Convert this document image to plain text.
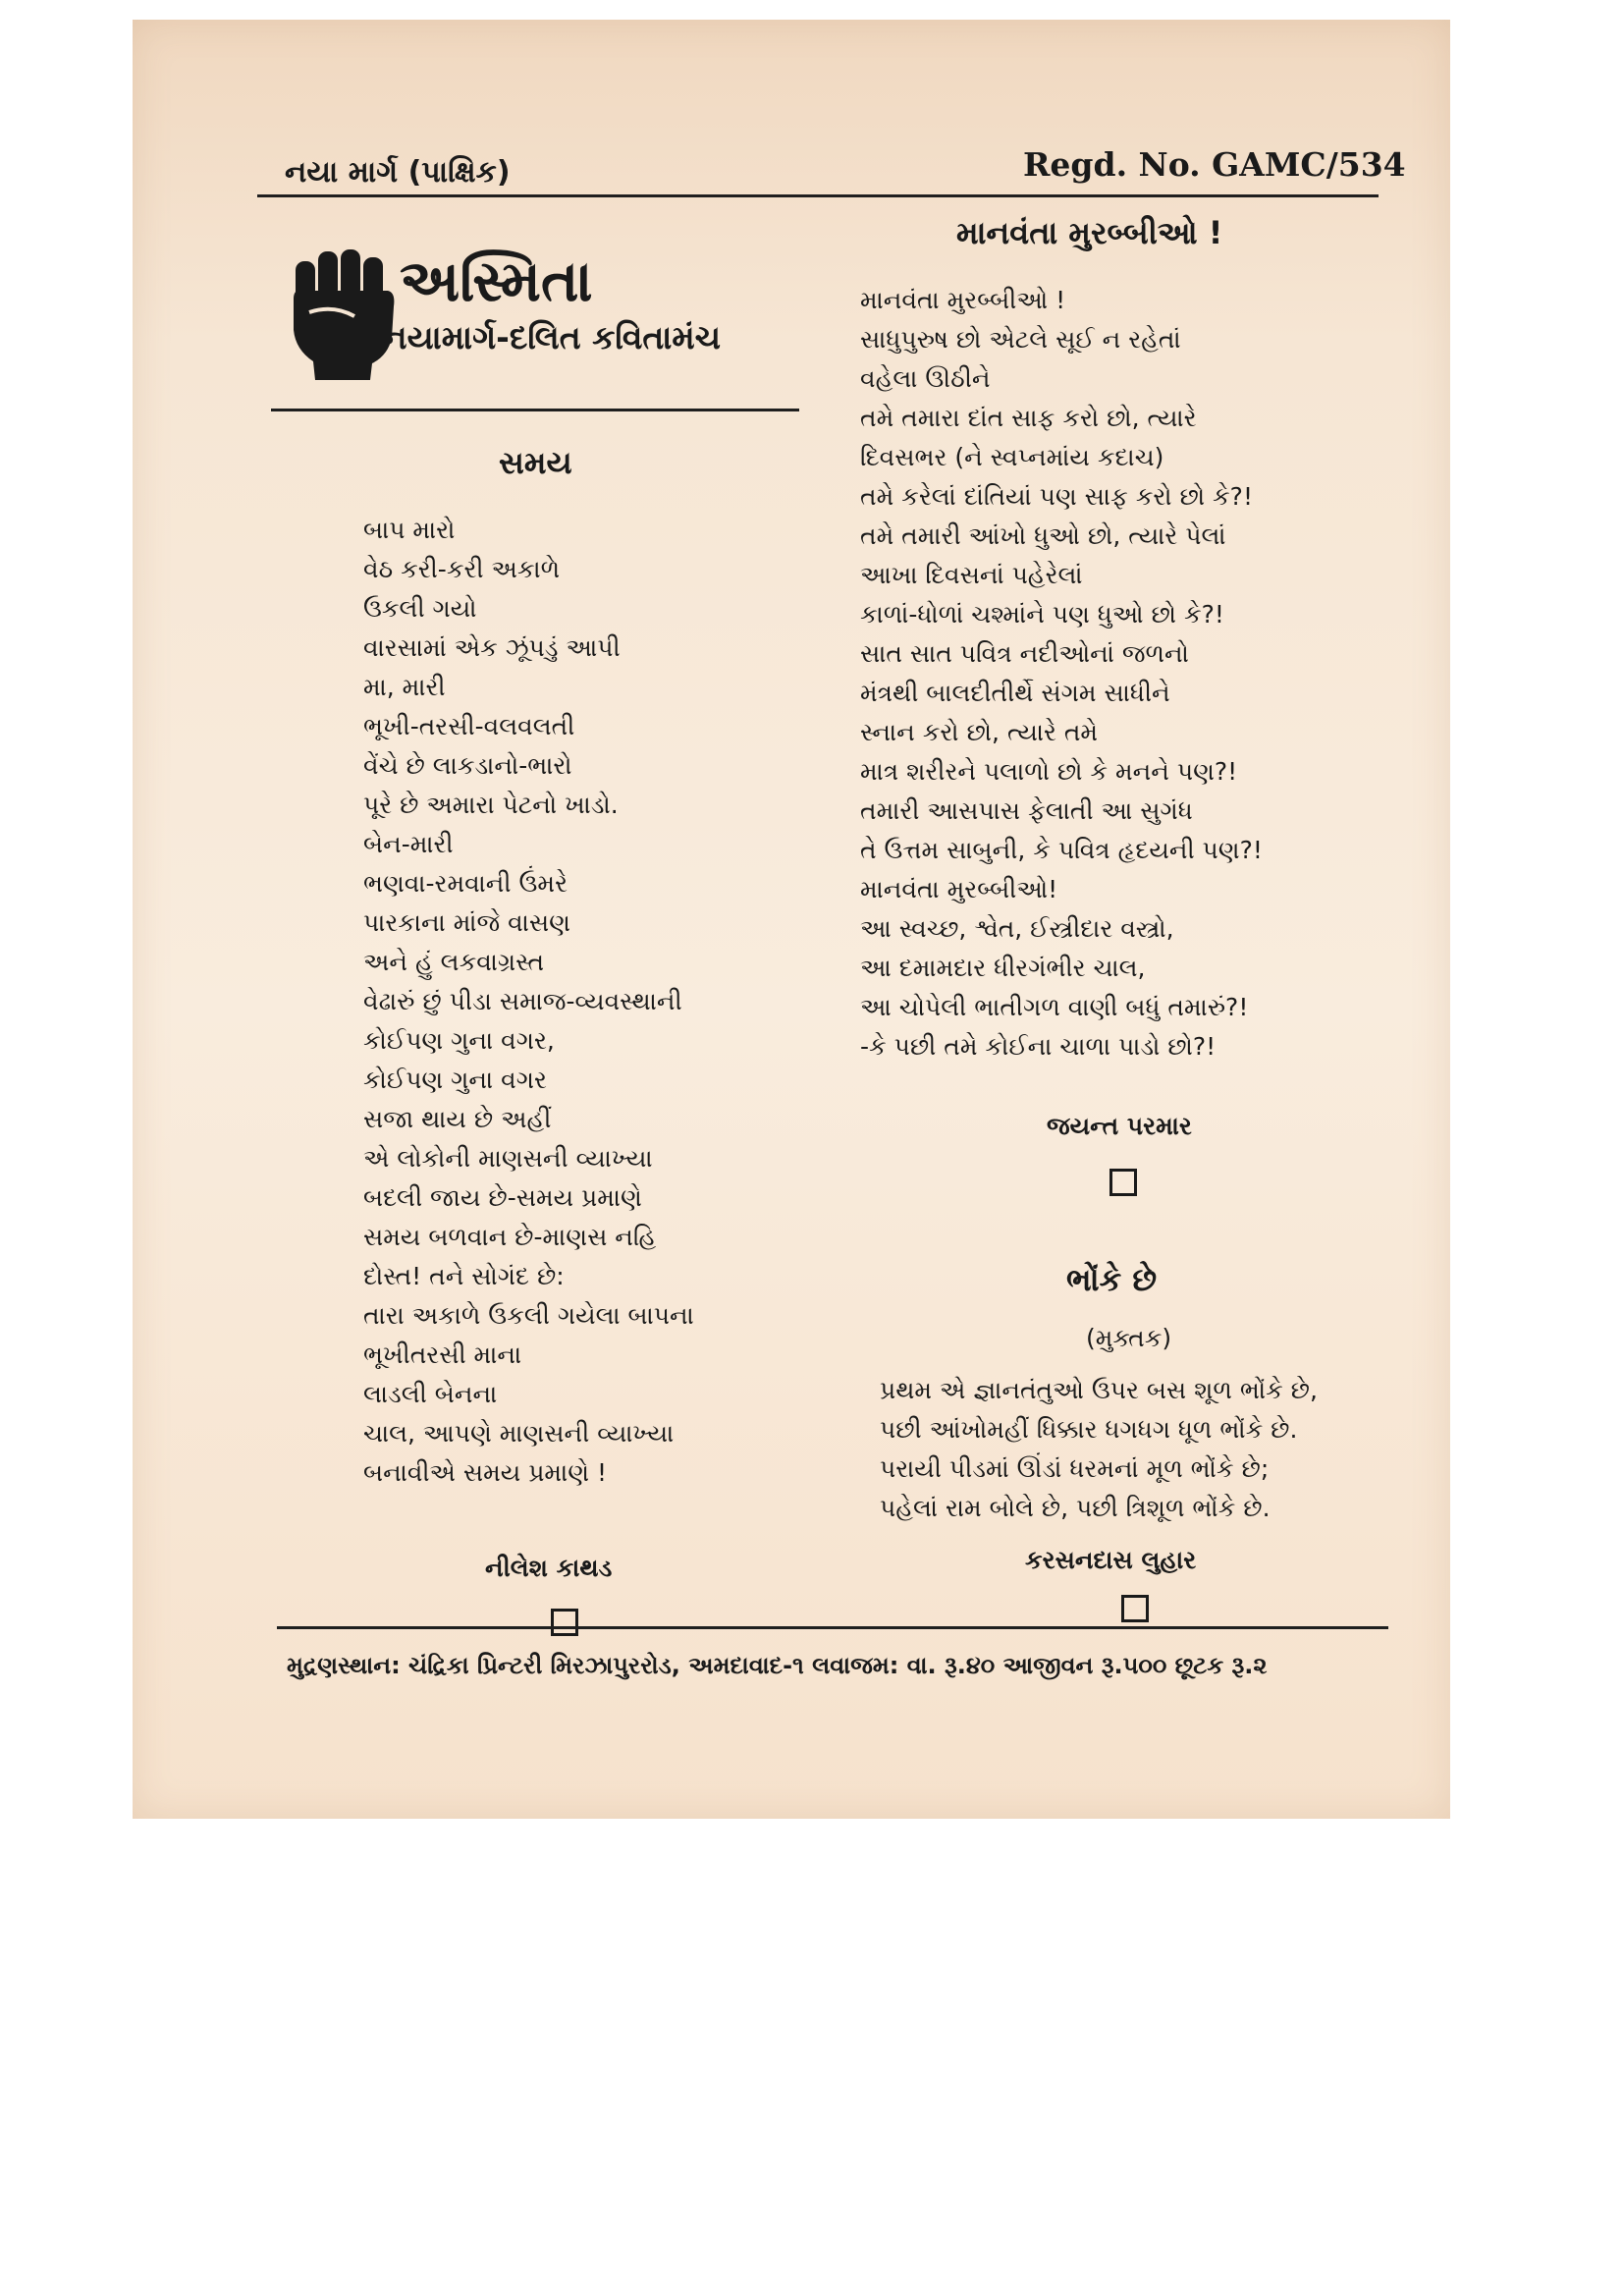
નયા માર્ગ (પાક્ષિક)	Regd. No. GAMC/534
અસ્મિતા
નયામાર્ગ-દલિત કવિતામંચ
સમય
બાપ મારો
વેઠ કરી-કરી અકાળે
ઉકલી ગયો
વારસામાં એક ઝૂંપડું આપી
મા, મારી
ભૂખી-તરસી-વલવલતી
વેંચે છે લાકડાનો-ભારો
પૂરે છે અમારા પેટનો ખાડો.
બેન-મારી
ભણવા-રમવાની ઉંમરે
પારકાના માંજે વાસણ
અને હું લકવાગ્રસ્ત
વેઢારું છું પીડા સમાજ-વ્યવસ્થાની
કોઈપણ ગુના વગર,
કોઈપણ ગુના વગર
સજા થાય છે અહીં
એ લોકોની માણસની વ્યાખ્યા
બદલી જાય છે-સમય પ્રમાણે
સમય બળવાન છે-માણસ નહિ
દોસ્ત! તને સોગંદ છે:
તારા અકાળે ઉકલી ગયેલા બાપના
ભૂખીતરસી માના
લાડલી બેનના
ચાલ, આપણે માણસની વ્યાખ્યા
બનાવીએ સમય પ્રમાણે !
નીલેશ કાથડ
માનવંતા મુરબ્બીઓ !
માનવંતા મુરબ્બીઓ !
સાધુપુરુષ છો એટલે સૂઈ ન રહેતાં
વહેલા ઊઠીને
તમે તમારા દાંત સાફ કરો છો, ત્યારે
દિવસભર (ને સ્વપ્નમાંય કદાચ)
તમે કરેલાં દાંતિયાં પણ સાફ કરો છો કે?!
તમે તમારી આંખો ધુઓ છો, ત્યારે પેલાં
આખા દિવસનાં પહેરેલાં
કાળાં-ધોળાં ચશ્માંને પણ ધુઓ છો કે?!
સાત સાત પવિત્ર નદીઓનાં જળનો
મંત્રથી બાલદીતીર્થે સંગમ સાધીને
સ્નાન કરો છો, ત્યારે તમે
માત્ર શરીરને પલાળો છો કે મનને પણ?!
તમારી આસપાસ ફેલાતી આ સુગંધ
તે ઉત્તમ સાબુની, કે પવિત્ર હૃદયની પણ?!
માનવંતા મુરબ્બીઓ!
આ સ્વચ્છ, શ્વેત, ઈસ્ત્રીદાર વસ્ત્રો,
આ દમામદાર ધીરગંભીર ચાલ,
આ ચોપેલી ભાતીગળ વાણી બધું તમારું?!
-કે પછી તમે કોઈના ચાળા પાડો છો?!
જયન્ત પરમાર
ભોંકે છે
(મુક્તક)
પ્રથમ એ જ્ઞાનતંતુઓ ઉપર બસ શૂળ ભોંકે છે,
પછી આંખોમહીં ધિક્કાર ધગધગ ધૂળ ભોંકે છે.
પરાયી પીડમાં ઊંડાં ધરમનાં મૂળ ભોંકે છે;
પહેલાં રામ બોલે છે, પછી ત્રિશૂળ ભોંકે છે.
કરસનદાસ લુહાર
મુદ્રણસ્થાન: ચંદ્રિકા પ્રિન્ટરી મિરઝાપુરરોડ, અમદાવાદ-૧ લવાજમ: વા. રૂ.૪૦ આજીવન રૂ.૫૦૦ છૂટક રૂ.૨
